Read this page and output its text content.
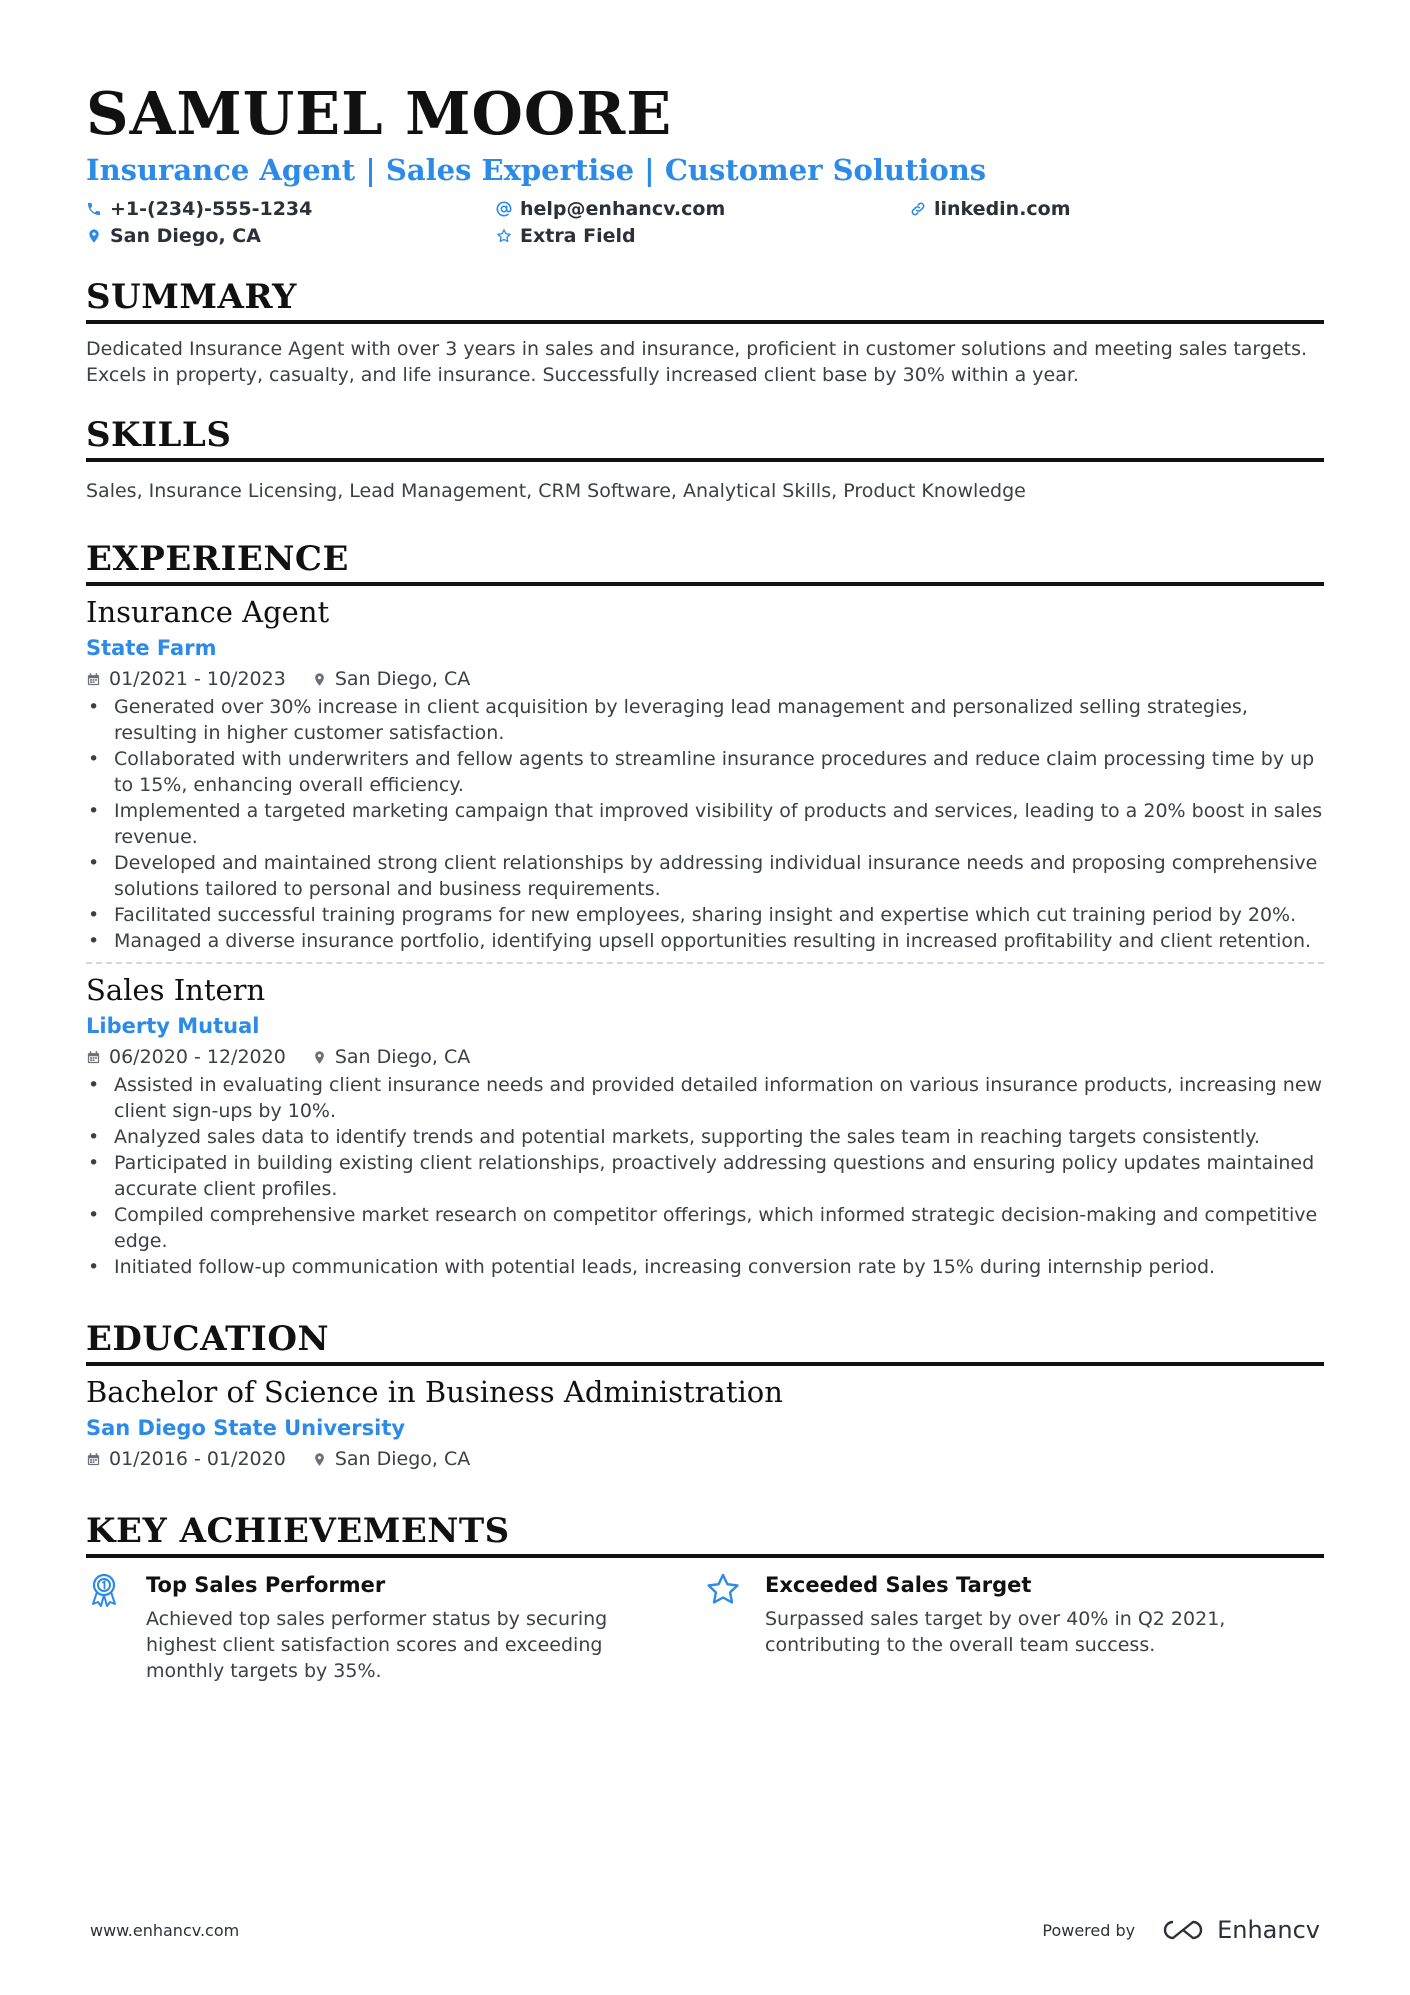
SAMUEL MOORE
Insurance Agent | Sales Expertise | Customer Solutions
+1-(234)-555-1234	help@enhancv.com	linkedin.com
San Diego, CA	Extra Field
SUMMARY
Dedicated Insurance Agent with over 3 years in sales and insurance, proficient in customer solutions and meeting sales targets. Excels in property, casualty, and life insurance. Successfully increased client base by 30% within a year.
SKILLS
Sales, Insurance Licensing, Lead Management, CRM Software, Analytical Skills, Product Knowledge
EXPERIENCE
Insurance Agent
State Farm
01/2021 - 10/2023	San Diego, CA
• Generated over 30% increase in client acquisition by leveraging lead management and personalized selling strategies, resulting in higher customer satisfaction.
• Collaborated with underwriters and fellow agents to streamline insurance procedures and reduce claim processing time by up to 15%, enhancing overall efficiency.
• Implemented a targeted marketing campaign that improved visibility of products and services, leading to a 20% boost in sales revenue.
• Developed and maintained strong client relationships by addressing individual insurance needs and proposing comprehensive solutions tailored to personal and business requirements.
• Facilitated successful training programs for new employees, sharing insight and expertise which cut training period by 20%.
• Managed a diverse insurance portfolio, identifying upsell opportunities resulting in increased profitability and client retention.
Sales Intern
Liberty Mutual
06/2020 - 12/2020	San Diego, CA
• Assisted in evaluating client insurance needs and provided detailed information on various insurance products, increasing new client sign-ups by 10%.
• Analyzed sales data to identify trends and potential markets, supporting the sales team in reaching targets consistently.
• Participated in building existing client relationships, proactively addressing questions and ensuring policy updates maintained accurate client profiles.
• Compiled comprehensive market research on competitor offerings, which informed strategic decision-making and competitive edge.
• Initiated follow-up communication with potential leads, increasing conversion rate by 15% during internship period.
EDUCATION
Bachelor of Science in Business Administration
San Diego State University
01/2016 - 01/2020	San Diego, CA
KEY ACHIEVEMENTS
Top Sales Performer
Achieved top sales performer status by securing highest client satisfaction scores and exceeding monthly targets by 35%.
Exceeded Sales Target
Surpassed sales target by over 40% in Q2 2021, contributing to the overall team success.
www.enhancv.com	Powered by	Enhancv
